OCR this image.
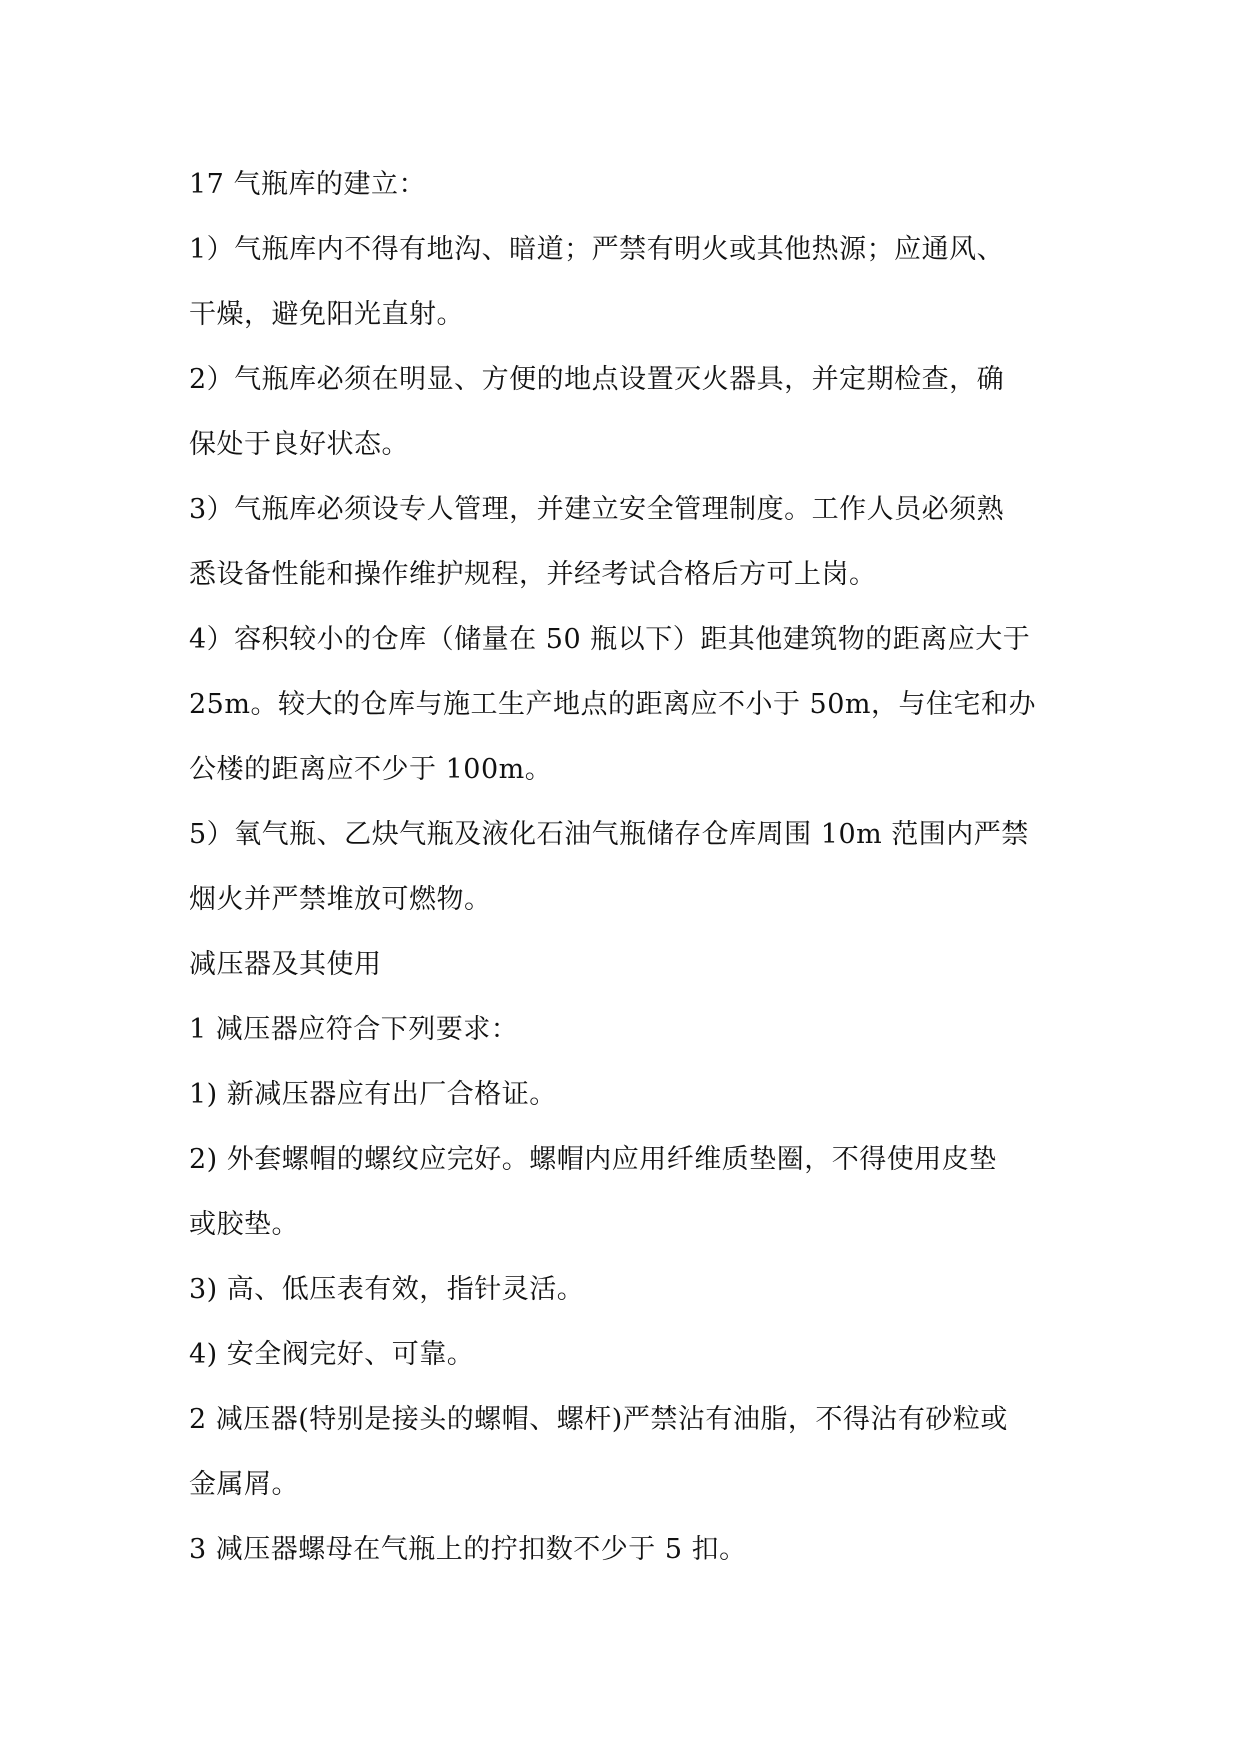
17 气瓶库的建立：
1）气瓶库内不得有地沟、暗道；严禁有明火或其他热源；应通风、
干燥，避免阳光直射。
2）气瓶库必须在明显、方便的地点设置灭火器具，并定期检查，确
保处于良好状态。
3）气瓶库必须设专人管理，并建立安全管理制度。工作人员必须熟
悉设备性能和操作维护规程，并经考试合格后方可上岗。
4）容积较小的仓库（储量在 50 瓶以下）距其他建筑物的距离应大于
25m。较大的仓库与施工生产地点的距离应不小于 50m，与住宅和办
公楼的距离应不少于 100m。
5）氧气瓶、乙炔气瓶及液化石油气瓶储存仓库周围 10m 范围内严禁
烟火并严禁堆放可燃物。
减压器及其使用
1 减压器应符合下列要求：
1) 新减压器应有出厂合格证。
2) 外套螺帽的螺纹应完好。螺帽内应用纤维质垫圈，不得使用皮垫
或胶垫。
3) 高、低压表有效，指针灵活。
4) 安全阀完好、可靠。
2 减压器(特别是接头的螺帽、螺杆)严禁沾有油脂，不得沾有砂粒或
金属屑。
3 减压器螺母在气瓶上的拧扣数不少于 5 扣。
